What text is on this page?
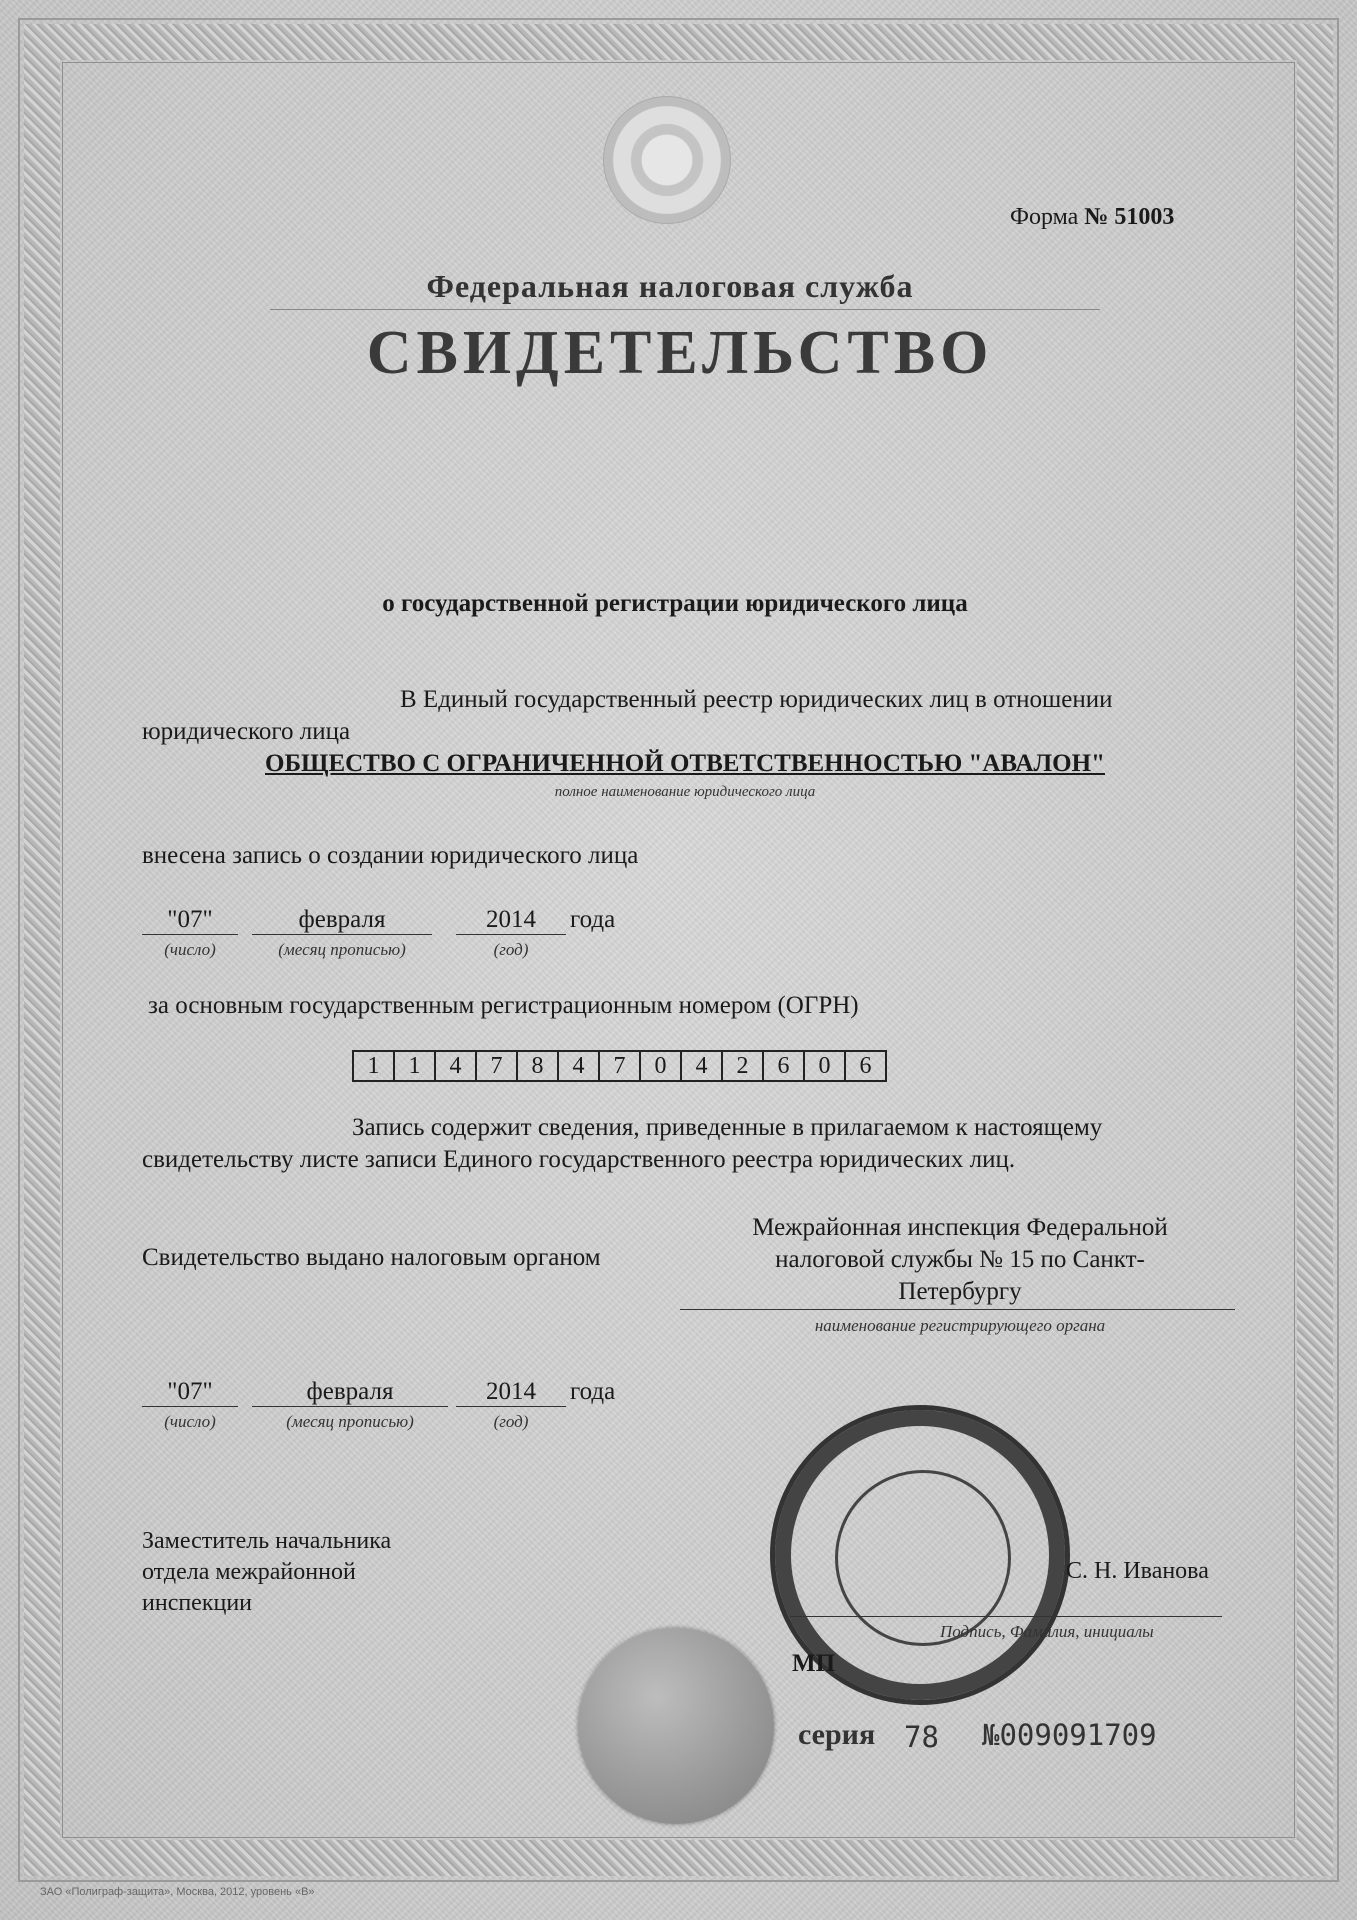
Форма № 51003
Федеральная налоговая служба
СВИДЕТЕЛЬСТВО
о государственной регистрации юридического лица
В Единый государственный реестр юридических лиц в отношении
юридического лица
ОБЩЕСТВО С ОГРАНИЧЕННОЙ ОТВЕТСТВЕННОСТЬЮ "АВАЛОН"
полное наименование юридического лица
внесена запись о создании юридического лица
"07"	февраля	2014	года
(число)	(месяц прописью)	(год)
за основным государственным регистрационным номером (ОГРН)
1	1	4	7	8	4	7	0	4	2	6	0	6
Запись содержит сведения, приведенные в прилагаемом к настоящему
свидетельству листе записи Единого государственного реестра юридических лиц.
Свидетельство выдано налоговым органом
Межрайонная инспекция Федеральной
налоговой службы № 15 по Санкт-
Петербургу
наименование регистрирующего органа
"07"	февраля	2014	года
(число)	(месяц прописью)	(год)
Заместитель начальника
отдела межрайонной
инспекции
С. Н. Иванова
Подпись, Фамилия, инициалы
МП
серия 78 №009091709
ЗАО «Полиграф-защита», Москва, 2012, уровень «В»
